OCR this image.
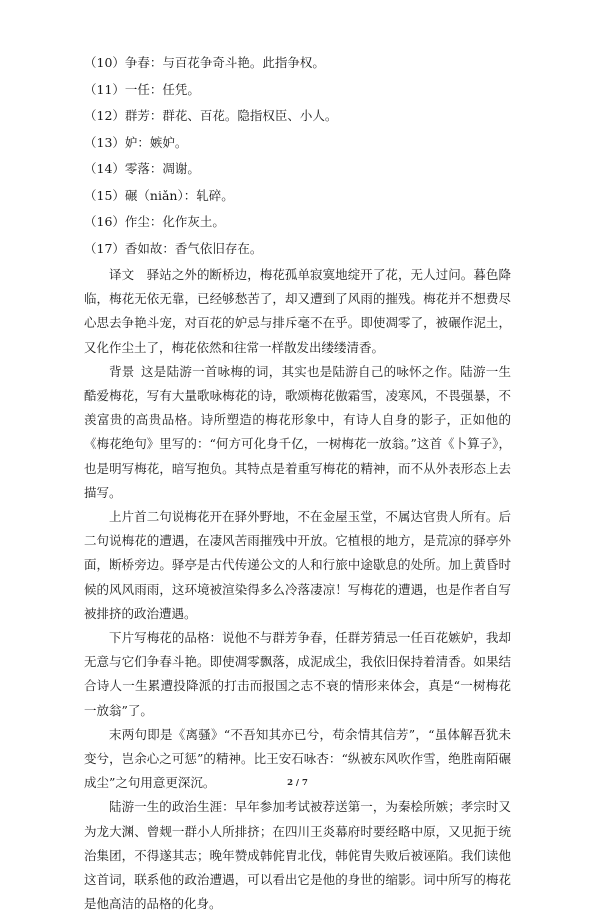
（10）争春：与百花争奇斗艳。此指争权。
（11）一任：任凭。
（12）群芳：群花、百花。隐指权臣、小人。
（13）妒：嫉妒。
（14）零落：凋谢。
（15）碾（niǎn）：轧碎。
（16）作尘：化作灰土。
（17）香如故：香气依旧存在。

译文  驿站之外的断桥边，梅花孤单寂寞地绽开了花，无人过问。暮色降临，梅花无依无靠，已经够愁苦了，却又遭到了风雨的摧残。梅花并不想费尽心思去争艳斗宠，对百花的妒忌与排斥毫不在乎。即使凋零了，被碾作泥土，又化作尘土了，梅花依然和往常一样散发出缕缕清香。

背景  这是陆游一首咏梅的词，其实也是陆游自己的咏怀之作。陆游一生酷爱梅花，写有大量歌咏梅花的诗，歌颂梅花傲霜雪，凌寒风，不畏强暴，不羡富贵的高贵品格。诗所塑造的梅花形象中，有诗人自身的影子，正如他的《梅花绝句》里写的：“何方可化身千亿，一树梅花一放翁。”这首《卜算子》，也是明写梅花，暗写抱负。其特点是着重写梅花的精神，而不从外表形态上去描写。

上片首二句说梅花开在驿外野地，不在金屋玉堂，不属达官贵人所有。后二句说梅花的遭遇，在凄风苦雨摧残中开放。它植根的地方，是荒凉的驿亭外面，断桥旁边。驿亭是古代传递公文的人和行旅中途歇息的处所。加上黄昏时候的风风雨雨，这环境被渲染得多么冷落凄凉！写梅花的遭遇，也是作者自写被排挤的政治遭遇。

下片写梅花的品格：说他不与群芳争春，任群芳猜忌一任百花嫉妒，我却无意与它们争春斗艳。即使凋零飘落，成泥成尘，我依旧保持着清香。如果结合诗人一生累遭投降派的打击而报国之志不衰的情形来体会，真是“一树梅花一放翁”了。

末两句即是《离骚》“不吾知其亦已兮，苟余情其信芳”，“虽体解吾犹未变兮，岂余心之可惩”的精神。比王安石咏杏：“纵被东风吹作雪，绝胜南陌碾成尘”之句用意更深沉。

陆游一生的政治生涯：早年参加考试被荐送第一，为秦桧所嫉；孝宗时又为龙大渊、曾觌一群小人所排挤；在四川王炎幕府时要经略中原，又见扼于统治集团，不得遂其志；晚年赞成韩侂胄北伐，韩侂胄失败后被诬陷。我们读他这首词，联系他的政治遭遇，可以看出它是他的身世的缩影。词中所写的梅花是他高洁的品格的化身。

2 / 7
